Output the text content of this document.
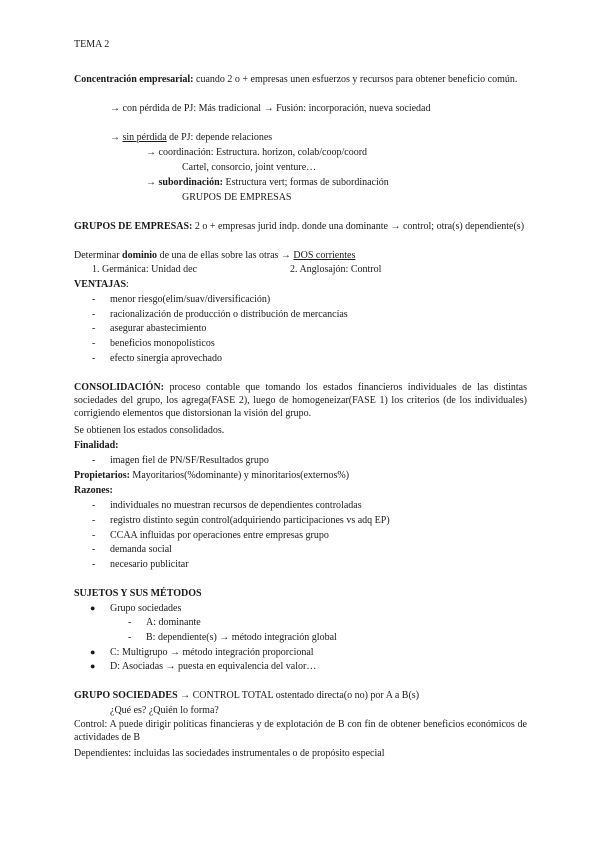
TEMA 2
Concentración empresarial: cuando 2 o + empresas unen esfuerzos y recursos para obtener beneficio común.
→ con pérdida de PJ: Más tradicional → Fusión: incorporación, nueva sociedad
→ sin pérdida de PJ: depende relaciones
→ coordinación: Estructura. horizon, colab/coop/coord
Cartel, consorcio, joint venture…
→ subordinación: Estructura vert; formas de subordinación
GRUPOS DE EMPRESAS
GRUPOS DE EMPRESAS: 2 o + empresas jurid indp. donde una dominante → control; otra(s) dependiente(s)
Determinar dominio de una de ellas sobre las otras → DOS corrientes
1. Germánica: Unidad dec	2. Anglosajón: Control
VENTAJAS:
- menor riesgo(elim/suav/diversificación)
- racionalización de producción o distribución de mercancías
- asegurar abastecimiento
- beneficios monopolísticos
- efecto sinergia aprovechado
CONSOLIDACIÓN: proceso contable que tomando los estados financieros individuales de las distintas sociedades del grupo, los agrega(FASE 2), luego de homogeneizar(FASE 1) los criterios (de los individuales) corrigiendo elementos que distorsionan la visión del grupo.
Se obtienen los estados consolidados.
Finalidad:
- imagen fiel de PN/SF/Resultados grupo
Propietarios: Mayoritarios(%dominante) y minoritarios(externos%)
Razones:
- individuales no muestran recursos de dependientes controladas
- registro distinto según control(adquiriendo participaciones vs adq EP)
- CCAA influidas por operaciones entre empresas grupo
- demanda social
- necesario publicitar
SUJETOS Y SUS MÉTODOS
● Grupo sociedades
- A: dominante
- B: dependiente(s) → método integración global
● C: Multigrupo → método integración proporcional
● D: Asociadas → puesta en equivalencia del valor…
GRUPO SOCIEDADES → CONTROL TOTAL ostentado directa(o no) por A a B(s)
¿Qué es? ¿Quién lo forma?
Control: A puede dirigir políticas financieras y de explotación de B con fin de obtener beneficios económicos de actividades de B
Dependientes: incluidas las sociedades instrumentales o de propósito especial
